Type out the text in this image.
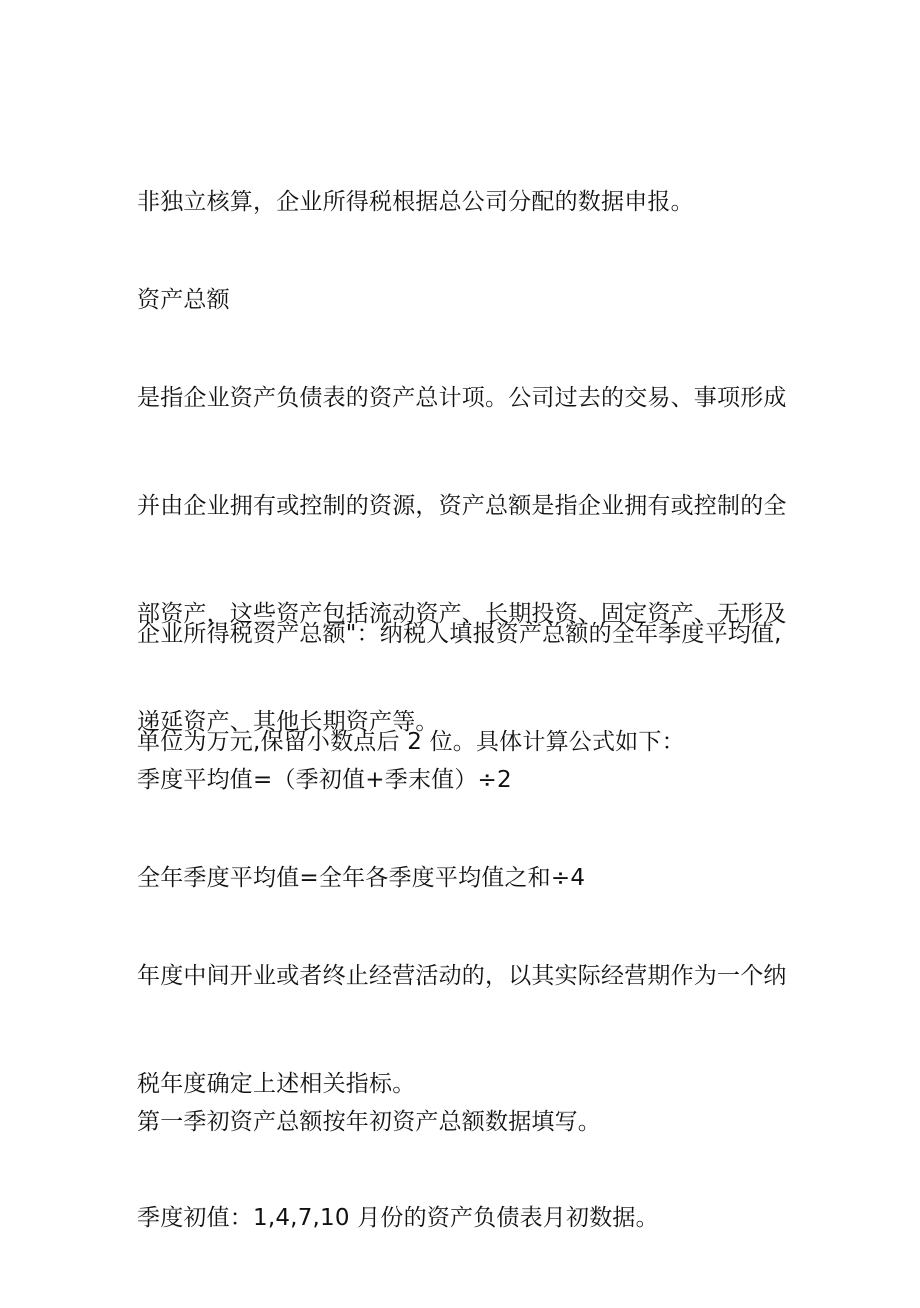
非独立核算，企业所得税根据总公司分配的数据申报。

资产总额

是指企业资产负债表的资产总计项。公司过去的交易、事项形成

并由企业拥有或控制的资源，资产总额是指企业拥有或控制的全

部资产，这些资产包括流动资产、长期投资、固定资产、无形及

递延资产、其他长期资产等。

企业所得税资产总额"：纳税人填报资产总额的全年季度平均值,

单位为万元,保留小数点后 2 位。具体计算公式如下：

季度平均值=（季初值+季末值）÷2

全年季度平均值=全年各季度平均值之和÷4

年度中间开业或者终止经营活动的，以其实际经营期作为一个纳

税年度确定上述相关指标。

第一季初资产总额按年初资产总额数据填写。

季度初值：1,4,7,10 月份的资产负债表月初数据。
